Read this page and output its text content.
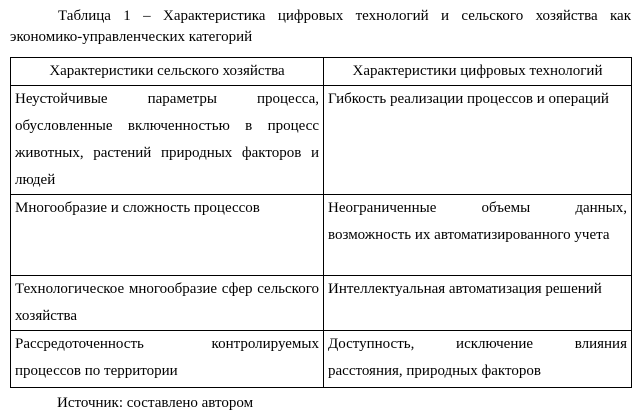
Таблица 1 – Характеристика цифровых технологий и сельского хозяйства как
экономико-управленческих категорий
Характеристики сельского хозяйства	Характеристики цифровых технологий
Неустойчивые параметры процесса, обусловленные включенностью в процесс животных, растений природных факторов и людей	Гибкость реализации процессов и операций
Многообразие и сложность процессов	Неограниченные объемы данных, возможность их автоматизированного учета
Технологическое многообразие сфер сельского хозяйства	Интеллектуальная автоматизация решений
Рассредоточенность контролируемых процессов по территории	Доступность, исключение влияния расстояния, природных факторов
Источник: составлено автором
